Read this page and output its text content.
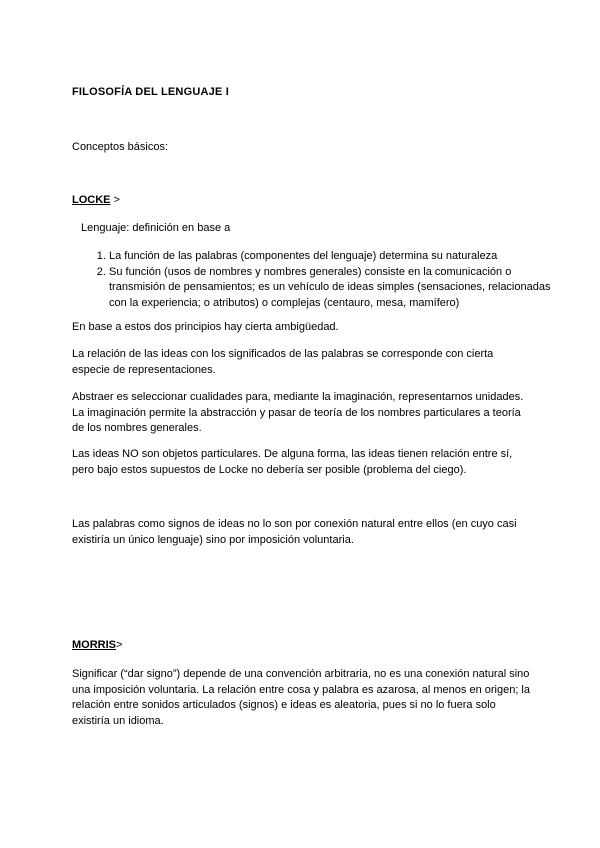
FILOSOFÍA DEL LENGUAJE I
Conceptos básicos:
LOCKE >
Lenguaje: definición en base a
1. La función de las palabras (componentes del lenguaje) determina su naturaleza
2. Su función (usos de nombres y nombres generales) consiste en la comunicación o transmisión de pensamientos; es un vehículo de ideas simples (sensaciones, relacionadas con la experiencia; o atributos) o complejas (centauro, mesa, mamífero)
En base a estos dos principios hay cierta ambigüedad.
La relación de las ideas con los significados de las palabras se corresponde con cierta especie de representaciones.
Abstraer es seleccionar cualidades para, mediante la imaginación, representarnos unidades. La imaginación permite la abstracción y pasar de teoría de los nombres particulares a teoría de los nombres generales.
Las ideas NO son objetos particulares. De alguna forma, las ideas tienen relación entre sí, pero bajo estos supuestos de Locke no debería ser posible (problema del ciego).
Las palabras como signos de ideas no lo son por conexión natural entre ellos (en cuyo casi existiría un único lenguaje) sino por imposición voluntaria.
MORRIS>
Significar (“dar signo”) depende de una convención arbitraria, no es una conexión natural sino una imposición voluntaria. La relación entre cosa y palabra es azarosa, al menos en origen; la relación entre sonidos articulados (signos) e ideas es aleatoria, pues si no lo fuera solo existiría un idioma.
